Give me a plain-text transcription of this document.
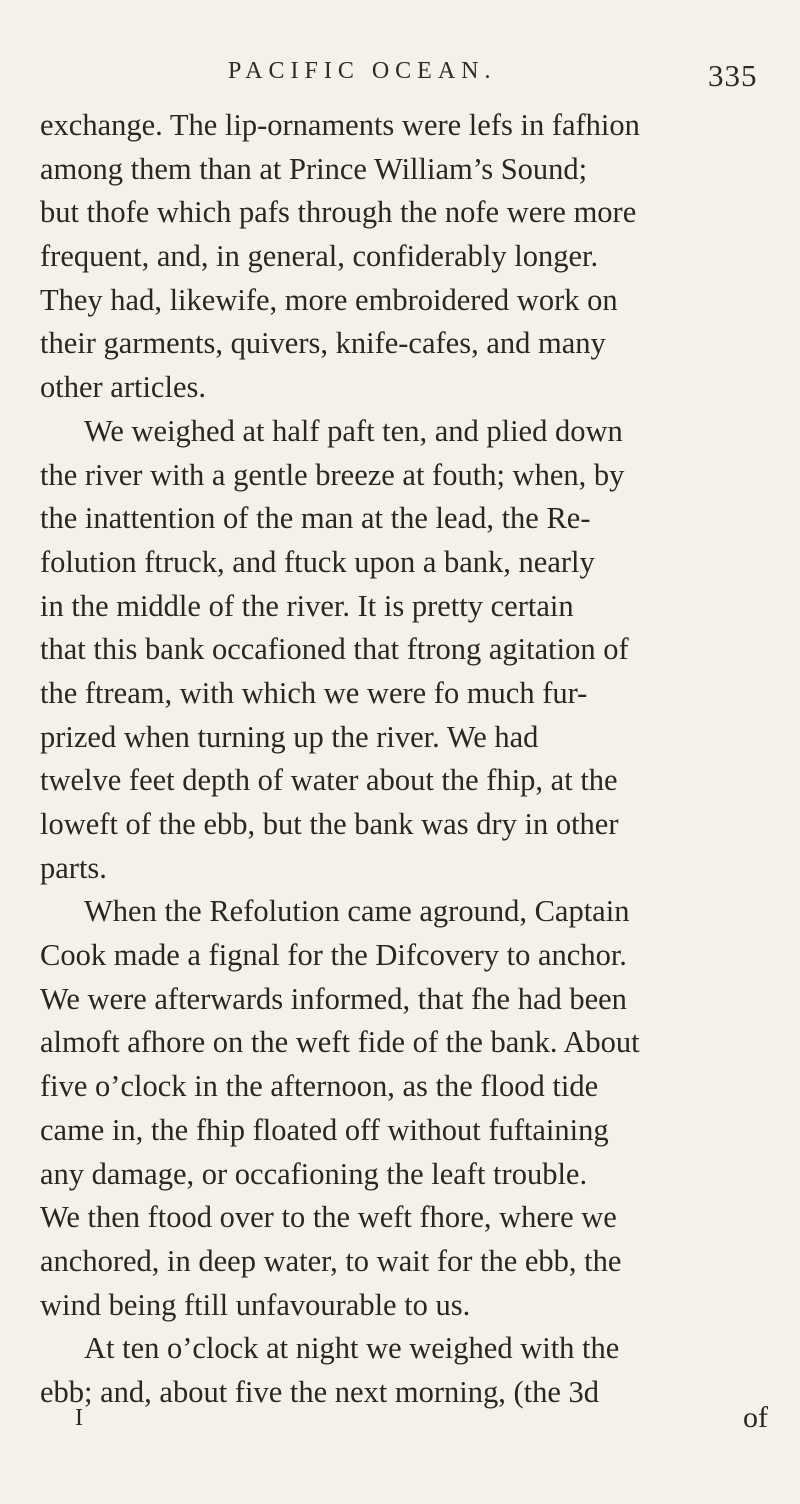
PACIFIC OCEAN.	335
exchange. The lip-ornaments were lefs in fafhion
among them than at Prince William’s Sound;
but thofe which pafs through the nofe were more
frequent, and, in general, confiderably longer.
They had, likewife, more embroidered work on
their garments, quivers, knife-cafes, and many
other articles.
We weighed at half paft ten, and plied down
the river with a gentle breeze at fouth; when, by
the inattention of the man at the lead, the Re-
folution ftruck, and ftuck upon a bank, nearly
in the middle of the river. It is pretty certain
that this bank occafioned that ftrong agitation of
the ftream, with which we were fo much fur-
prized when turning up the river. We had
twelve feet depth of water about the fhip, at the
loweft of the ebb, but the bank was dry in other
parts.
When the Refolution came aground, Captain
Cook made a fignal for the Difcovery to anchor.
We were afterwards informed, that fhe had been
almoft afhore on the weft fide of the bank. About
five o’clock in the afternoon, as the flood tide
came in, the fhip floated off without fuftaining
any damage, or occafioning the leaft trouble.
We then ftood over to the weft fhore, where we
anchored, in deep water, to wait for the ebb, the
wind being ftill unfavourable to us.
At ten o’clock at night we weighed with the
ebb; and, about five the next morning, (the 3d
I	of
